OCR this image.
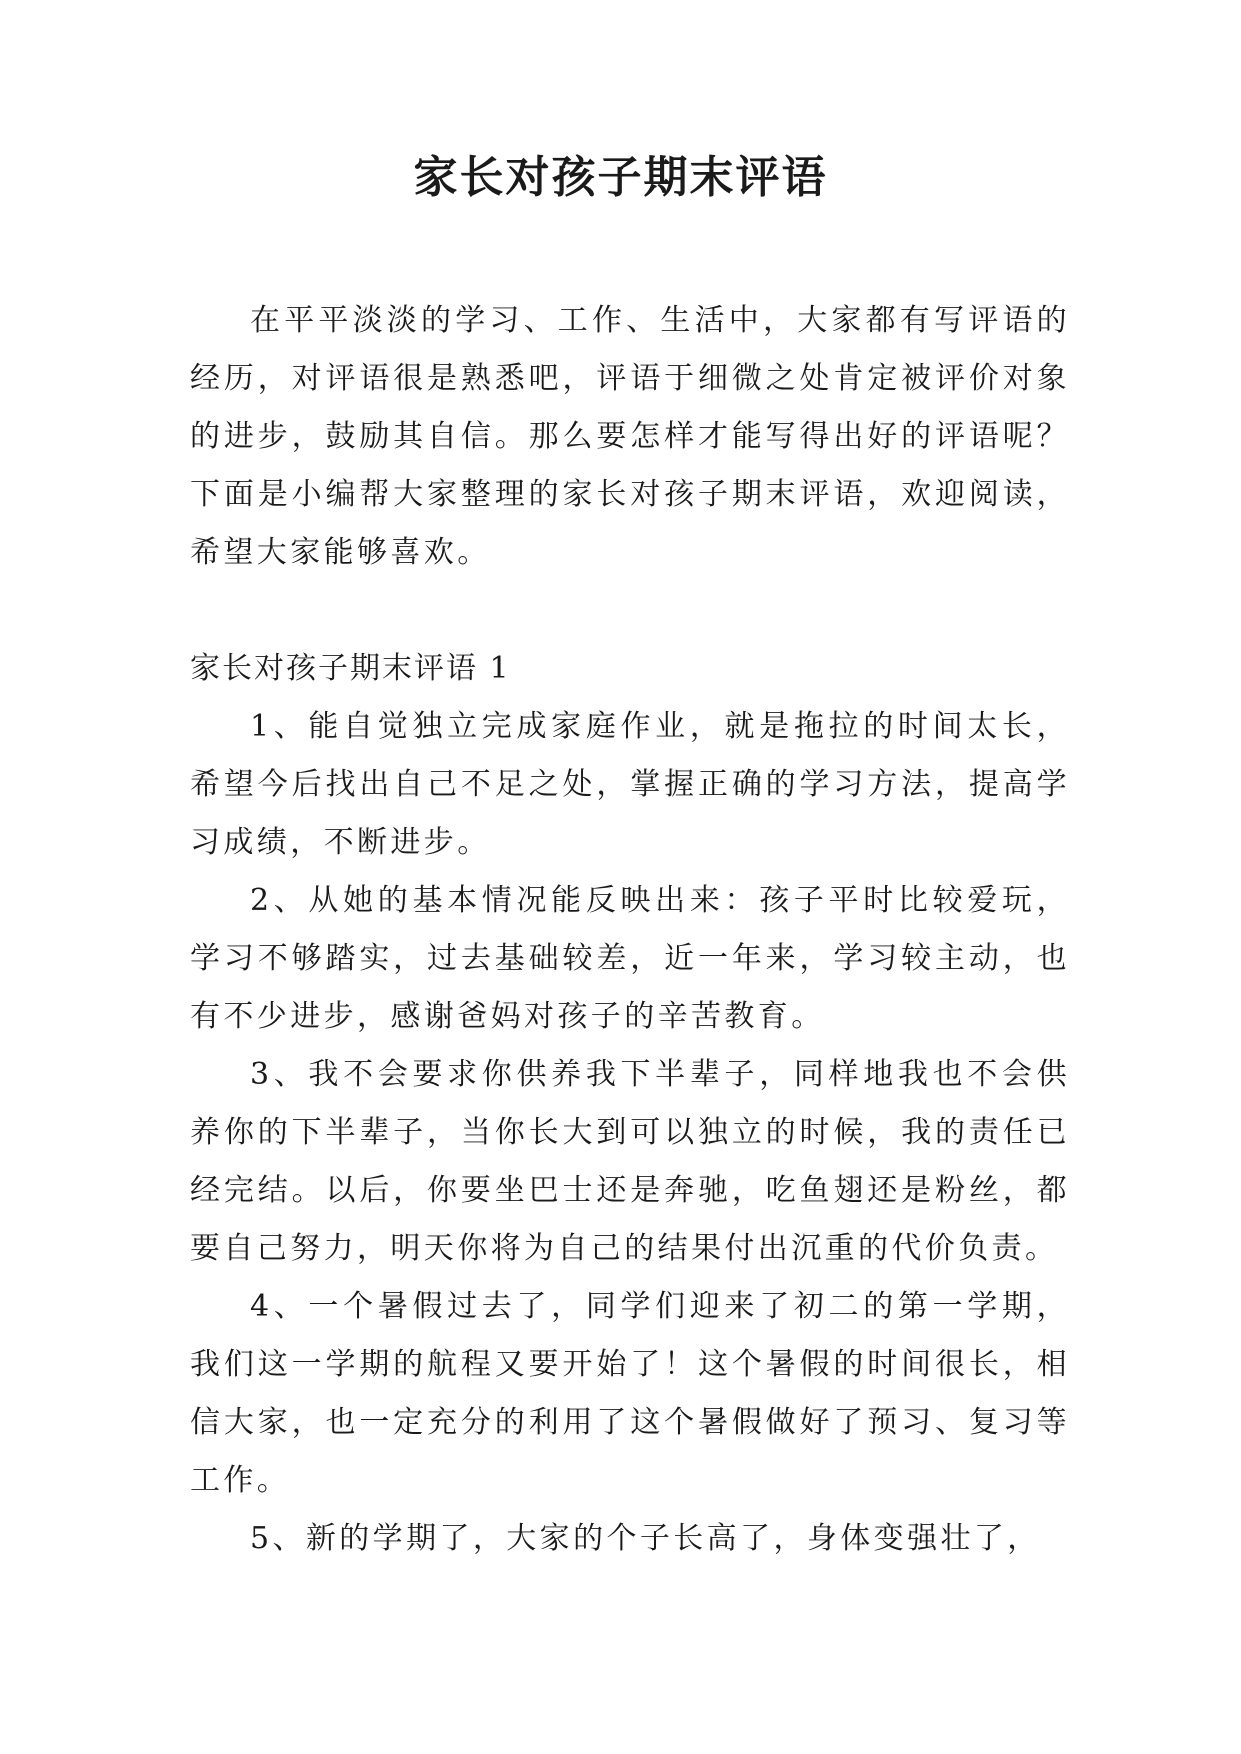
家长对孩子期末评语

在平平淡淡的学习、工作、生活中，大家都有写评语的经历，对评语很是熟悉吧，评语于细微之处肯定被评价对象的进步，鼓励其自信。那么要怎样才能写得出好的评语呢？下面是小编帮大家整理的家长对孩子期末评语，欢迎阅读，希望大家能够喜欢。

家长对孩子期末评语 1

1、能自觉独立完成家庭作业，就是拖拉的时间太长，希望今后找出自己不足之处，掌握正确的学习方法，提高学习成绩，不断进步。

2、从她的基本情况能反映出来：孩子平时比较爱玩，学习不够踏实，过去基础较差，近一年来，学习较主动，也有不少进步，感谢爸妈对孩子的辛苦教育。

3、我不会要求你供养我下半辈子，同样地我也不会供养你的下半辈子，当你长大到可以独立的时候，我的责任已经完结。以后，你要坐巴士还是奔驰，吃鱼翅还是粉丝，都要自己努力，明天你将为自己的结果付出沉重的代价负责。

4、一个暑假过去了，同学们迎来了初二的第一学期，我们这一学期的航程又要开始了！这个暑假的时间很长，相信大家，也一定充分的利用了这个暑假做好了预习、复习等工作。

5、新的学期了，大家的个子长高了，身体变强壮了，
